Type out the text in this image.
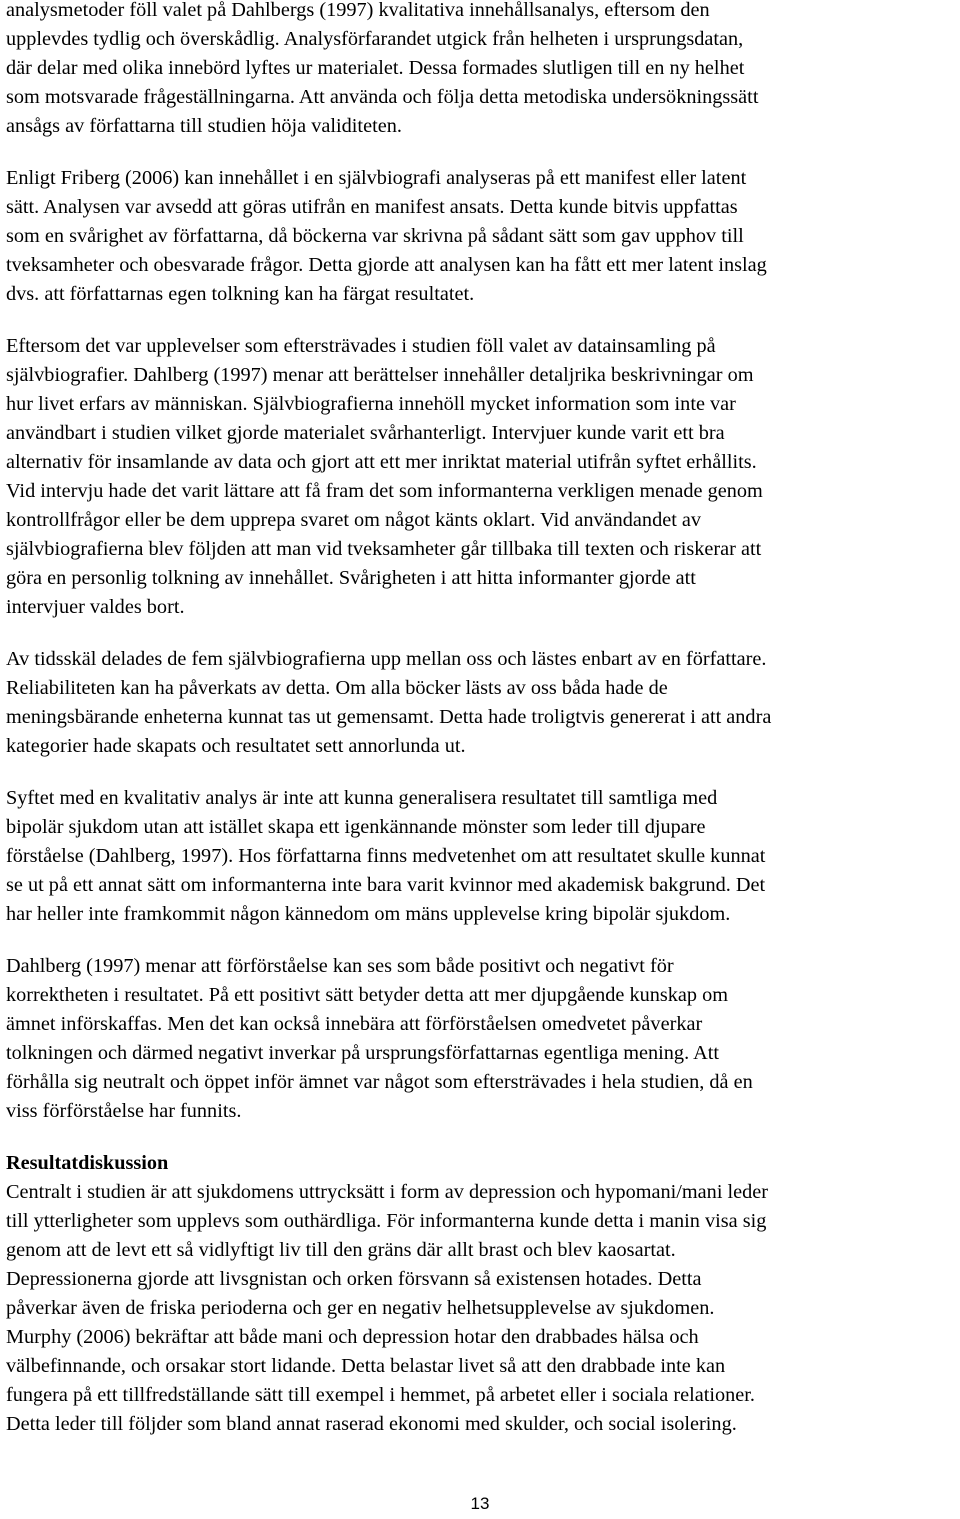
analysmetoder föll valet på Dahlbergs (1997) kvalitativa innehållsanalys, eftersom den
upplevdes tydlig och överskådlig. Analysförfarandet utgick från helheten i ursprungsdatan,
där delar med olika innebörd lyftes ur materialet. Dessa formades slutligen till en ny helhet
som motsvarade frågeställningarna. Att använda och följa detta metodiska undersökningssätt
ansågs av författarna till studien höja validiteten.
Enligt Friberg (2006) kan innehållet i en självbiografi analyseras på ett manifest eller latent
sätt. Analysen var avsedd att göras utifrån en manifest ansats. Detta kunde bitvis uppfattas
som en svårighet av författarna, då böckerna var skrivna på sådant sätt som gav upphov till
tveksamheter och obesvarade frågor. Detta gjorde att analysen kan ha fått ett mer latent inslag
dvs. att författarnas egen tolkning kan ha färgat resultatet.
Eftersom det var upplevelser som eftersträvades i studien föll valet av datainsamling på
självbiografier. Dahlberg (1997) menar att berättelser innehåller detaljrika beskrivningar om
hur livet erfars av människan. Självbiografierna innehöll mycket information som inte var
användbart i studien vilket gjorde materialet svårhanterligt. Intervjuer kunde varit ett bra
alternativ för insamlande av data och gjort att ett mer inriktat material utifrån syftet erhållits.
Vid intervju hade det varit lättare att få fram det som informanterna verkligen menade genom
kontrollfrågor eller be dem upprepa svaret om något känts oklart. Vid användandet av
självbiografierna blev följden att man vid tveksamheter går tillbaka till texten och riskerar att
göra en personlig tolkning av innehållet. Svårigheten i att hitta informanter gjorde att
intervjuer valdes bort.
Av tidsskäl delades de fem självbiografierna upp mellan oss och lästes enbart av en författare.
Reliabiliteten kan ha påverkats av detta. Om alla böcker lästs av oss båda hade de
meningsbärande enheterna kunnat tas ut gemensamt. Detta hade troligtvis genererat i att andra
kategorier hade skapats och resultatet sett annorlunda ut.
Syftet med en kvalitativ analys är inte att kunna generalisera resultatet till samtliga med
bipolär sjukdom utan att istället skapa ett igenkännande mönster som leder till djupare
förståelse (Dahlberg, 1997). Hos författarna finns medvetenhet om att resultatet skulle kunnat
se ut på ett annat sätt om informanterna inte bara varit kvinnor med akademisk bakgrund. Det
har heller inte framkommit någon kännedom om mäns upplevelse kring bipolär sjukdom.
Dahlberg (1997) menar att förförståelse kan ses som både positivt och negativt för
korrektheten i resultatet. På ett positivt sätt betyder detta att mer djupgående kunskap om
ämnet införskaffas. Men det kan också innebära att förförståelsen omedvetet påverkar
tolkningen och därmed negativt inverkar på ursprungsförfattarnas egentliga mening. Att
förhålla sig neutralt och öppet inför ämnet var något som eftersträvades i hela studien, då en
viss förförståelse har funnits.
Resultatdiskussion
Centralt i studien är att sjukdomens uttrycksätt i form av depression och hypomani/mani leder
till ytterligheter som upplevs som outhärdliga. För informanterna kunde detta i manin visa sig
genom att de levt ett så vidlyftigt liv till den gräns där allt brast och blev kaosartat.
Depressionerna gjorde att livsgnistan och orken försvann så existensen hotades. Detta
påverkar även de friska perioderna och ger en negativ helhetsupplevelse av sjukdomen.
Murphy (2006) bekräftar att både mani och depression hotar den drabbades hälsa och
välbefinnande, och orsakar stort lidande. Detta belastar livet så att den drabbade inte kan
fungera på ett tillfredställande sätt till exempel i hemmet, på arbetet eller i sociala relationer.
Detta leder till följder som bland annat raserad ekonomi med skulder, och social isolering.
13
